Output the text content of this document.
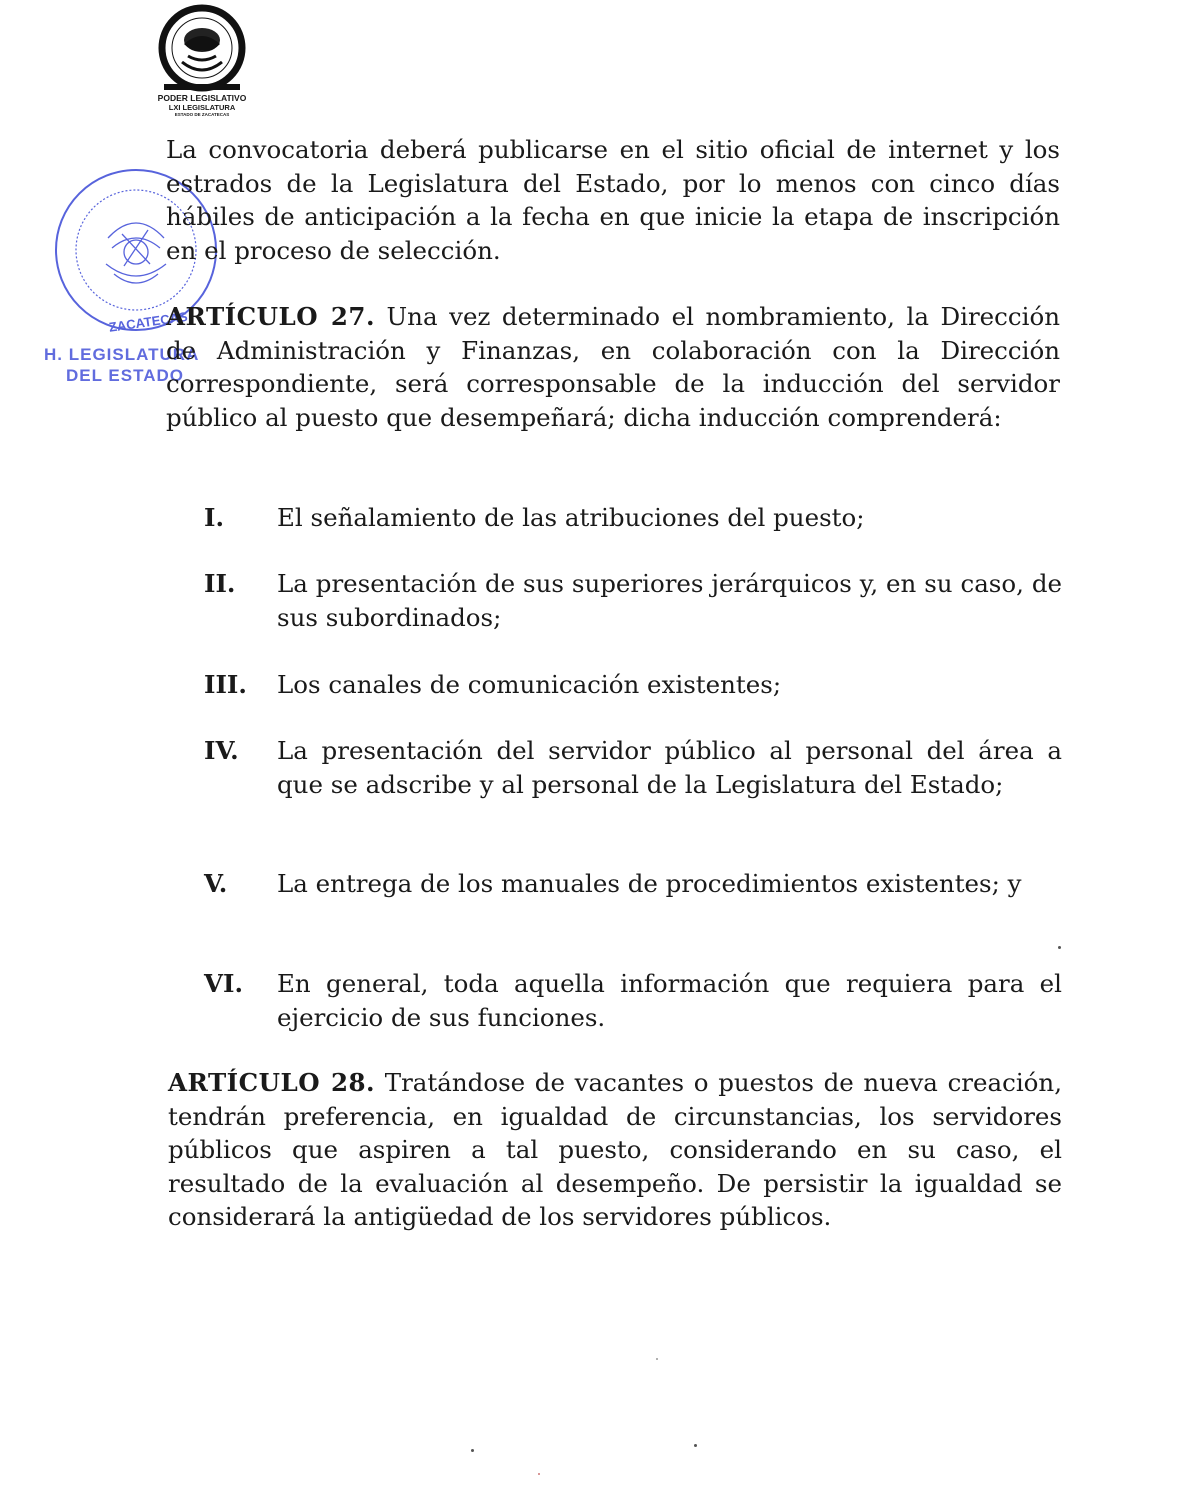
PODER LEGISLATIVO
LXI LEGISLATURA
ESTADO DE ZACATECAS
ZACATECAS
H. LEGISLATURA
DEL ESTADO
La convocatoria deberá publicarse en el sitio oficial de internet y los estrados de la Legislatura del Estado, por lo menos con cinco días hábiles de anticipación a la fecha en que inicie la etapa de inscripción en el proceso de selección.
ARTÍCULO 27. Una vez determinado el nombramiento, la Dirección de Administración y Finanzas, en colaboración con la Dirección correspondiente, será corresponsable de la inducción del servidor público al puesto que desempeñará; dicha inducción comprenderá:
I. El señalamiento de las atribuciones del puesto;
II. La presentación de sus superiores jerárquicos y, en su caso, de sus subordinados;
III. Los canales de comunicación existentes;
IV. La presentación del servidor público al personal del área a que se adscribe y al personal de la Legislatura del Estado;
V. La entrega de los manuales de procedimientos existentes; y
VI. En general, toda aquella información que requiera para el ejercicio de sus funciones.
ARTÍCULO 28. Tratándose de vacantes o puestos de nueva creación, tendrán preferencia, en igualdad de circunstancias, los servidores públicos que aspiren a tal puesto, considerando en su caso, el resultado de la evaluación al desempeño. De persistir la igualdad se considerará la antigüedad de los servidores públicos.
